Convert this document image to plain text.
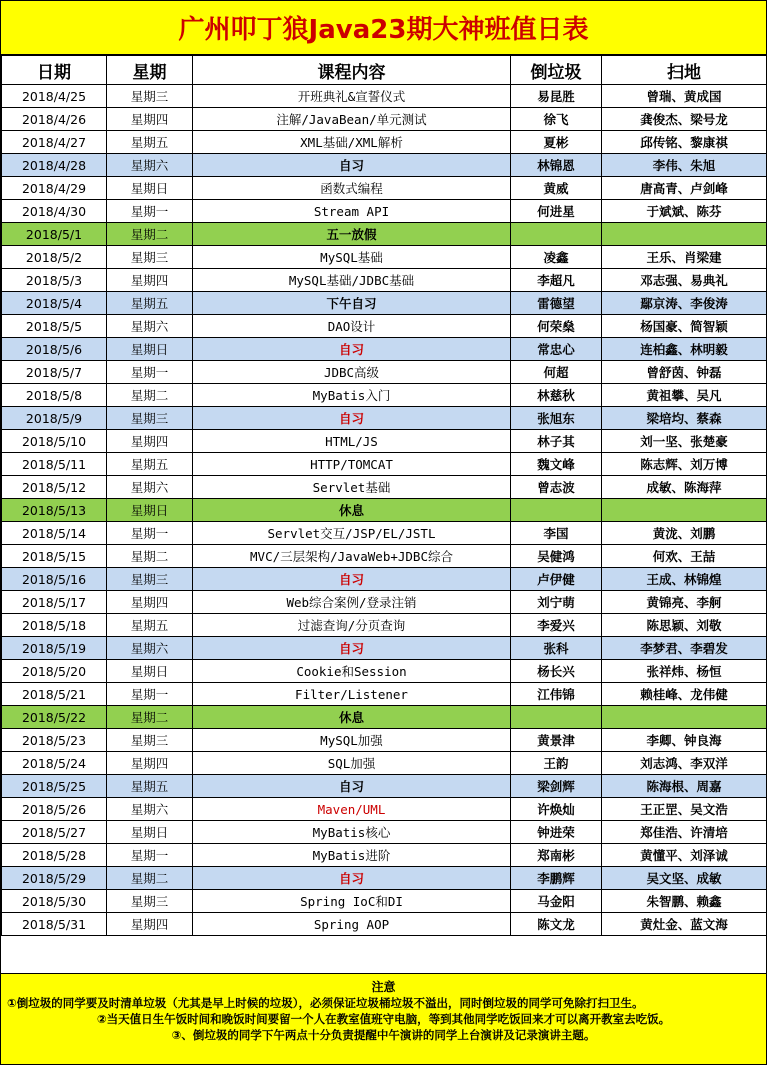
广州叩丁狼Java23期大神班值日表
日期	星期	课程内容	倒垃圾	扫地
2018/4/25	星期三	开班典礼&宣誓仪式	易昆胜	曾瑞、黄成国
2018/4/26	星期四	注解/JavaBean/单元测试	徐飞	龚俊杰、梁号龙
2018/4/27	星期五	XML基础/XML解析	夏彬	邱传铭、黎康祺
2018/4/28	星期六	自习	林锦恩	李伟、朱旭
2018/4/29	星期日	函数式编程	黄威	唐高青、卢剑峰
2018/4/30	星期一	Stream API	何进星	于斌斌、陈芬
2018/5/1	星期二	五一放假		
2018/5/2	星期三	MySQL基础	凌鑫	王乐、肖梁建
2018/5/3	星期四	MySQL基础/JDBC基础	李超凡	邓志强、易典礼
2018/5/4	星期五	下午自习	雷德望	鄢京涛、李俊涛
2018/5/5	星期六	DAO设计	何荣燊	杨国豪、简智颖
2018/5/6	星期日	自习	常忠心	连柏鑫、林明毅
2018/5/7	星期一	JDBC高级	何超	曾舒茵、钟磊
2018/5/8	星期二	MyBatis入门	林慈秋	黄祖攀、吴凡
2018/5/9	星期三	自习	张旭东	梁培均、蔡森
2018/5/10	星期四	HTML/JS	林子其	刘一坚、张楚豪
2018/5/11	星期五	HTTP/TOMCAT	魏文峰	陈志辉、刘万博
2018/5/12	星期六	Servlet基础	曾志波	成敏、陈海萍
2018/5/13	星期日	休息		
2018/5/14	星期一	Servlet交互/JSP/EL/JSTL	李国	黄泷、刘鹏
2018/5/15	星期二	MVC/三层架构/JavaWeb+JDBC综合	吴健鸿	何欢、王喆
2018/5/16	星期三	自习	卢伊健	王成、林锦煌
2018/5/17	星期四	Web综合案例/登录注销	刘宁萌	黄锦亮、李舸
2018/5/18	星期五	过滤查询/分页查询	李爱兴	陈思颖、刘敬
2018/5/19	星期六	自习	张科	李梦君、李碧发
2018/5/20	星期日	Cookie和Session	杨长兴	张祥炜、杨恒
2018/5/21	星期一	Filter/Listener	江伟锦	赖桂峰、龙伟健
2018/5/22	星期二	休息		
2018/5/23	星期三	MySQL加强	黄景津	李卿、钟良海
2018/5/24	星期四	SQL加强	王韵	刘志鸿、李双洋
2018/5/25	星期五	自习	梁剑辉	陈海根、周嘉
2018/5/26	星期六	Maven/UML	许焕灿	王正罡、吴文浩
2018/5/27	星期日	MyBatis核心	钟进荣	郑佳浩、许清培
2018/5/28	星期一	MyBatis进阶	郑南彬	黄懂平、刘泽诚
2018/5/29	星期二	自习	李鹏辉	吴文坚、成敏
2018/5/30	星期三	Spring IoC和DI	马金阳	朱智鹏、赖鑫
2018/5/31	星期四	Spring AOP	陈文龙	黄灶金、蓝文海

注意

①倒垃圾的同学要及时清单垃圾（尤其是早上时候的垃圾），必须保证垃圾桶垃圾不溢出，同时倒垃圾的同学可免除打扫卫生。

②当天值日生午饭时间和晚饭时间要留一个人在教室值班守电脑，等到其他同学吃饭回来才可以离开教室去吃饭。

③、倒垃圾的同学下午两点十分负责提醒中午演讲的同学上台演讲及记录演讲主题。
